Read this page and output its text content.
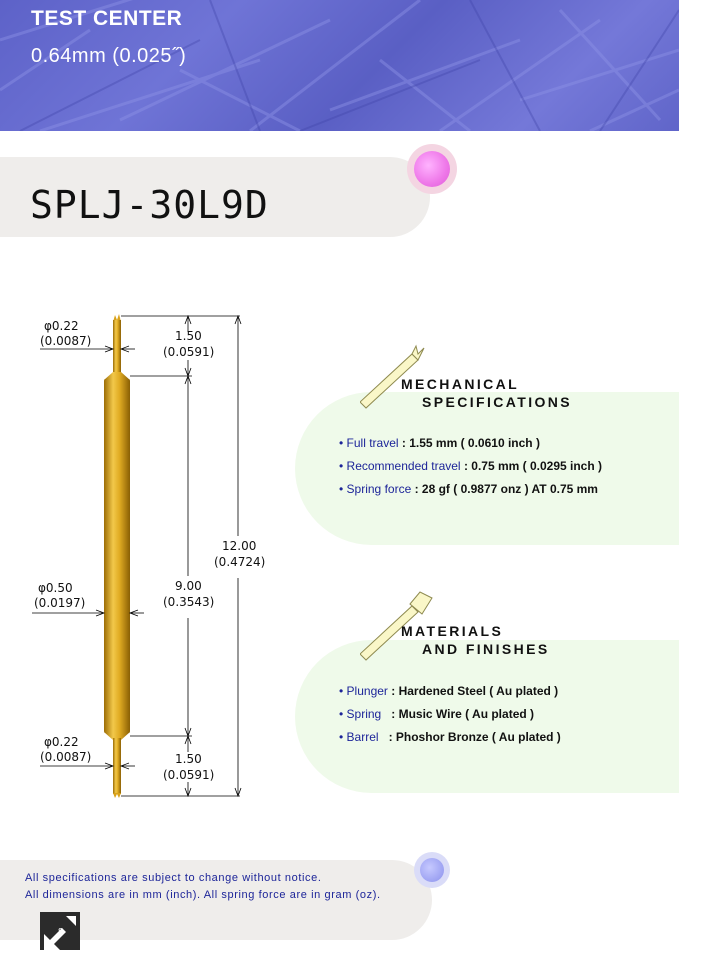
TEST CENTER
0.64mm (0.025˝)
SPLJ-30L9D
φ0.22
(0.0087)	1.50
(0.0591)
φ0.50
(0.0197)
9.00
(0.3543)
12.00
(0.4724)
φ0.22
(0.0087)	1.50
(0.0591)
MECHANICAL
SPECIFICATIONS
• Full travel : 1.55 mm ( 0.0610 inch )
• Recommended travel : 0.75 mm ( 0.0295 inch )
• Spring force : 28 gf ( 0.9877 onz ) AT 0.75 mm
MATERIALS
AND FINISHES
• Plunger : Hardened Steel ( Au plated )
• Spring   : Music Wire ( Au plated )
• Barrel   : Phoshor Bronze ( Au plated )
All specifications are subject to change without notice.
All dimensions are in mm (inch). All spring force are in gram (oz).
8
